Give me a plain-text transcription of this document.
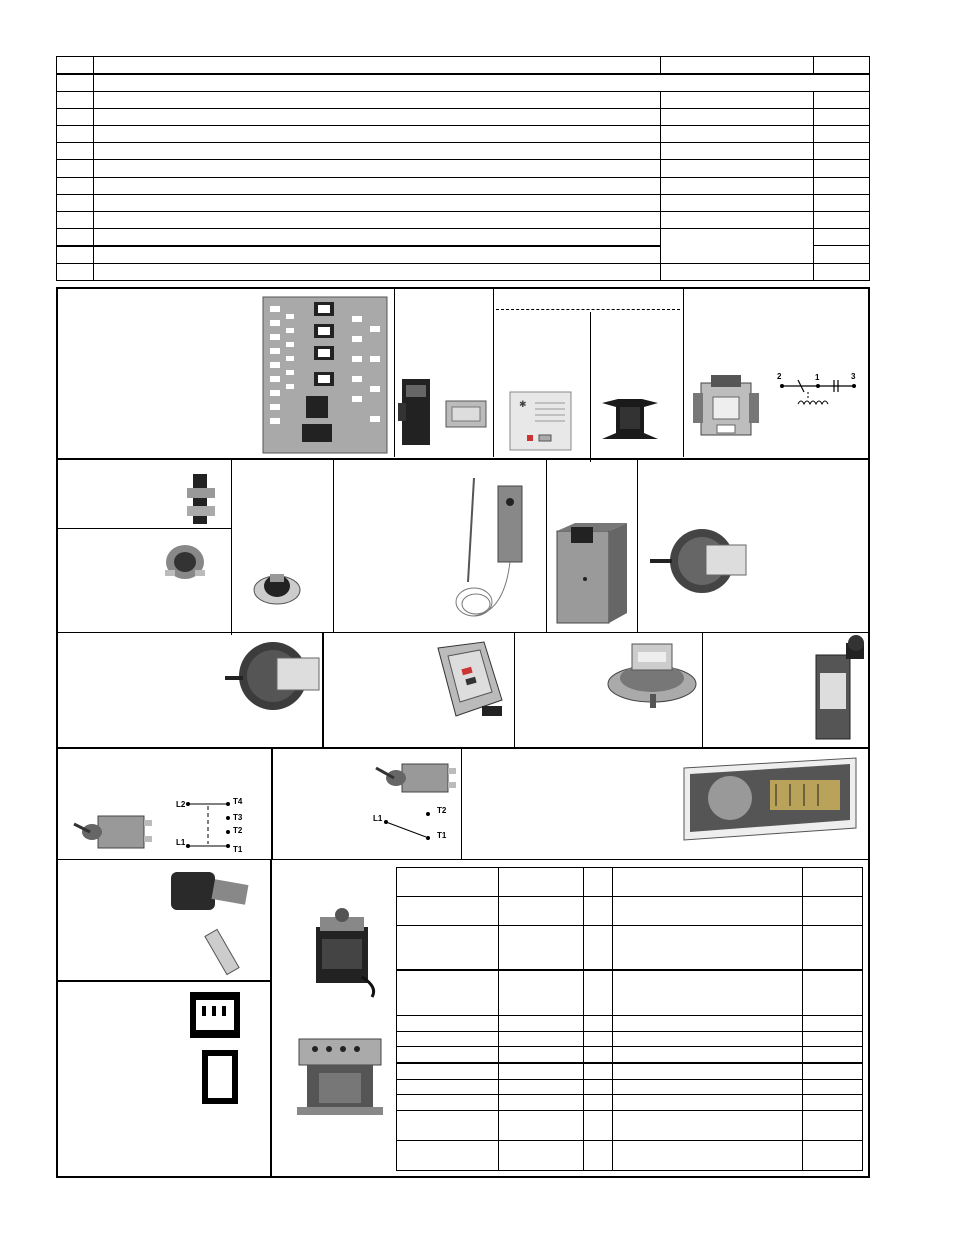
✱
2	1	3
L2
L1
T4
T3
T2
T1
T2
L1
T1
